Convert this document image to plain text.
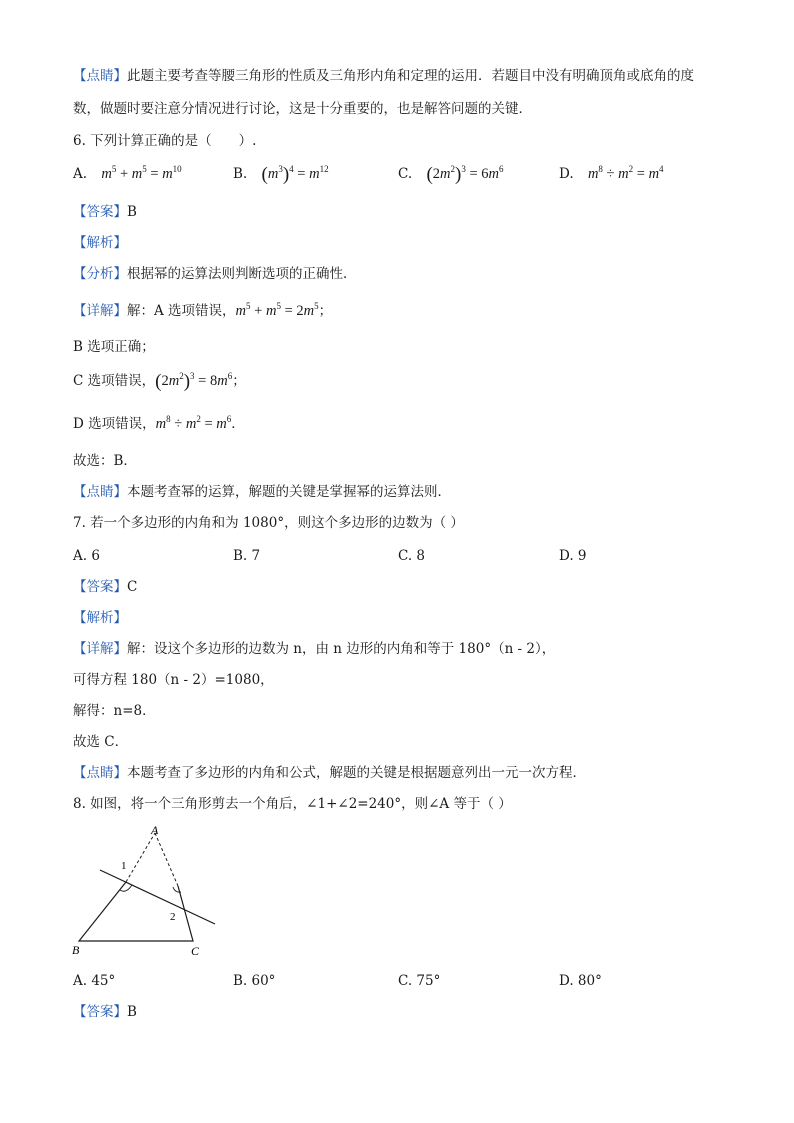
【点睛】此题主要考查等腰三角形的性质及三角形内角和定理的运用．若题目中没有明确顶角或底角的度
数，做题时要注意分情况进行讨论，这是十分重要的，也是解答问题的关键．
6. 下列计算正确的是（　　）.
A. $m^5 + m^5 = m^{10}$	B. $(m^3)^4 = m^{12}$	C. $(2m^2)^3 = 6m^6$	D. $m^8 \div m^2 = m^4$
【答案】B
【解析】
【分析】根据幂的运算法则判断选项的正确性．
【详解】解：A 选项错误，$m^5 + m^5 = 2m^5$；
B 选项正确；
C 选项错误，$(2m^2)^3 = 8m^6$；
D 选项错误，$m^8 \div m^2 = m^6$．
故选：B．
【点睛】本题考查幂的运算，解题的关键是掌握幂的运算法则．
7. 若一个多边形的内角和为 1080°，则这个多边形的边数为（ ）
A. 6	B. 7	C. 8	D. 9
【答案】C
【解析】
【详解】解：设这个多边形的边数为 n，由 n 边形的内角和等于 180°（n - 2），
可得方程 180（n - 2）=1080，
解得：n=8．
故选 C．
【点睛】本题考查了多边形的内角和公式，解题的关键是根据题意列出一元一次方程．
8. 如图，将一个三角形剪去一个角后，∠1+∠2=240°，则∠A 等于（ ）
A
B	C
1
2
A. 45°	B. 60°	C. 75°	D. 80°
【答案】B
